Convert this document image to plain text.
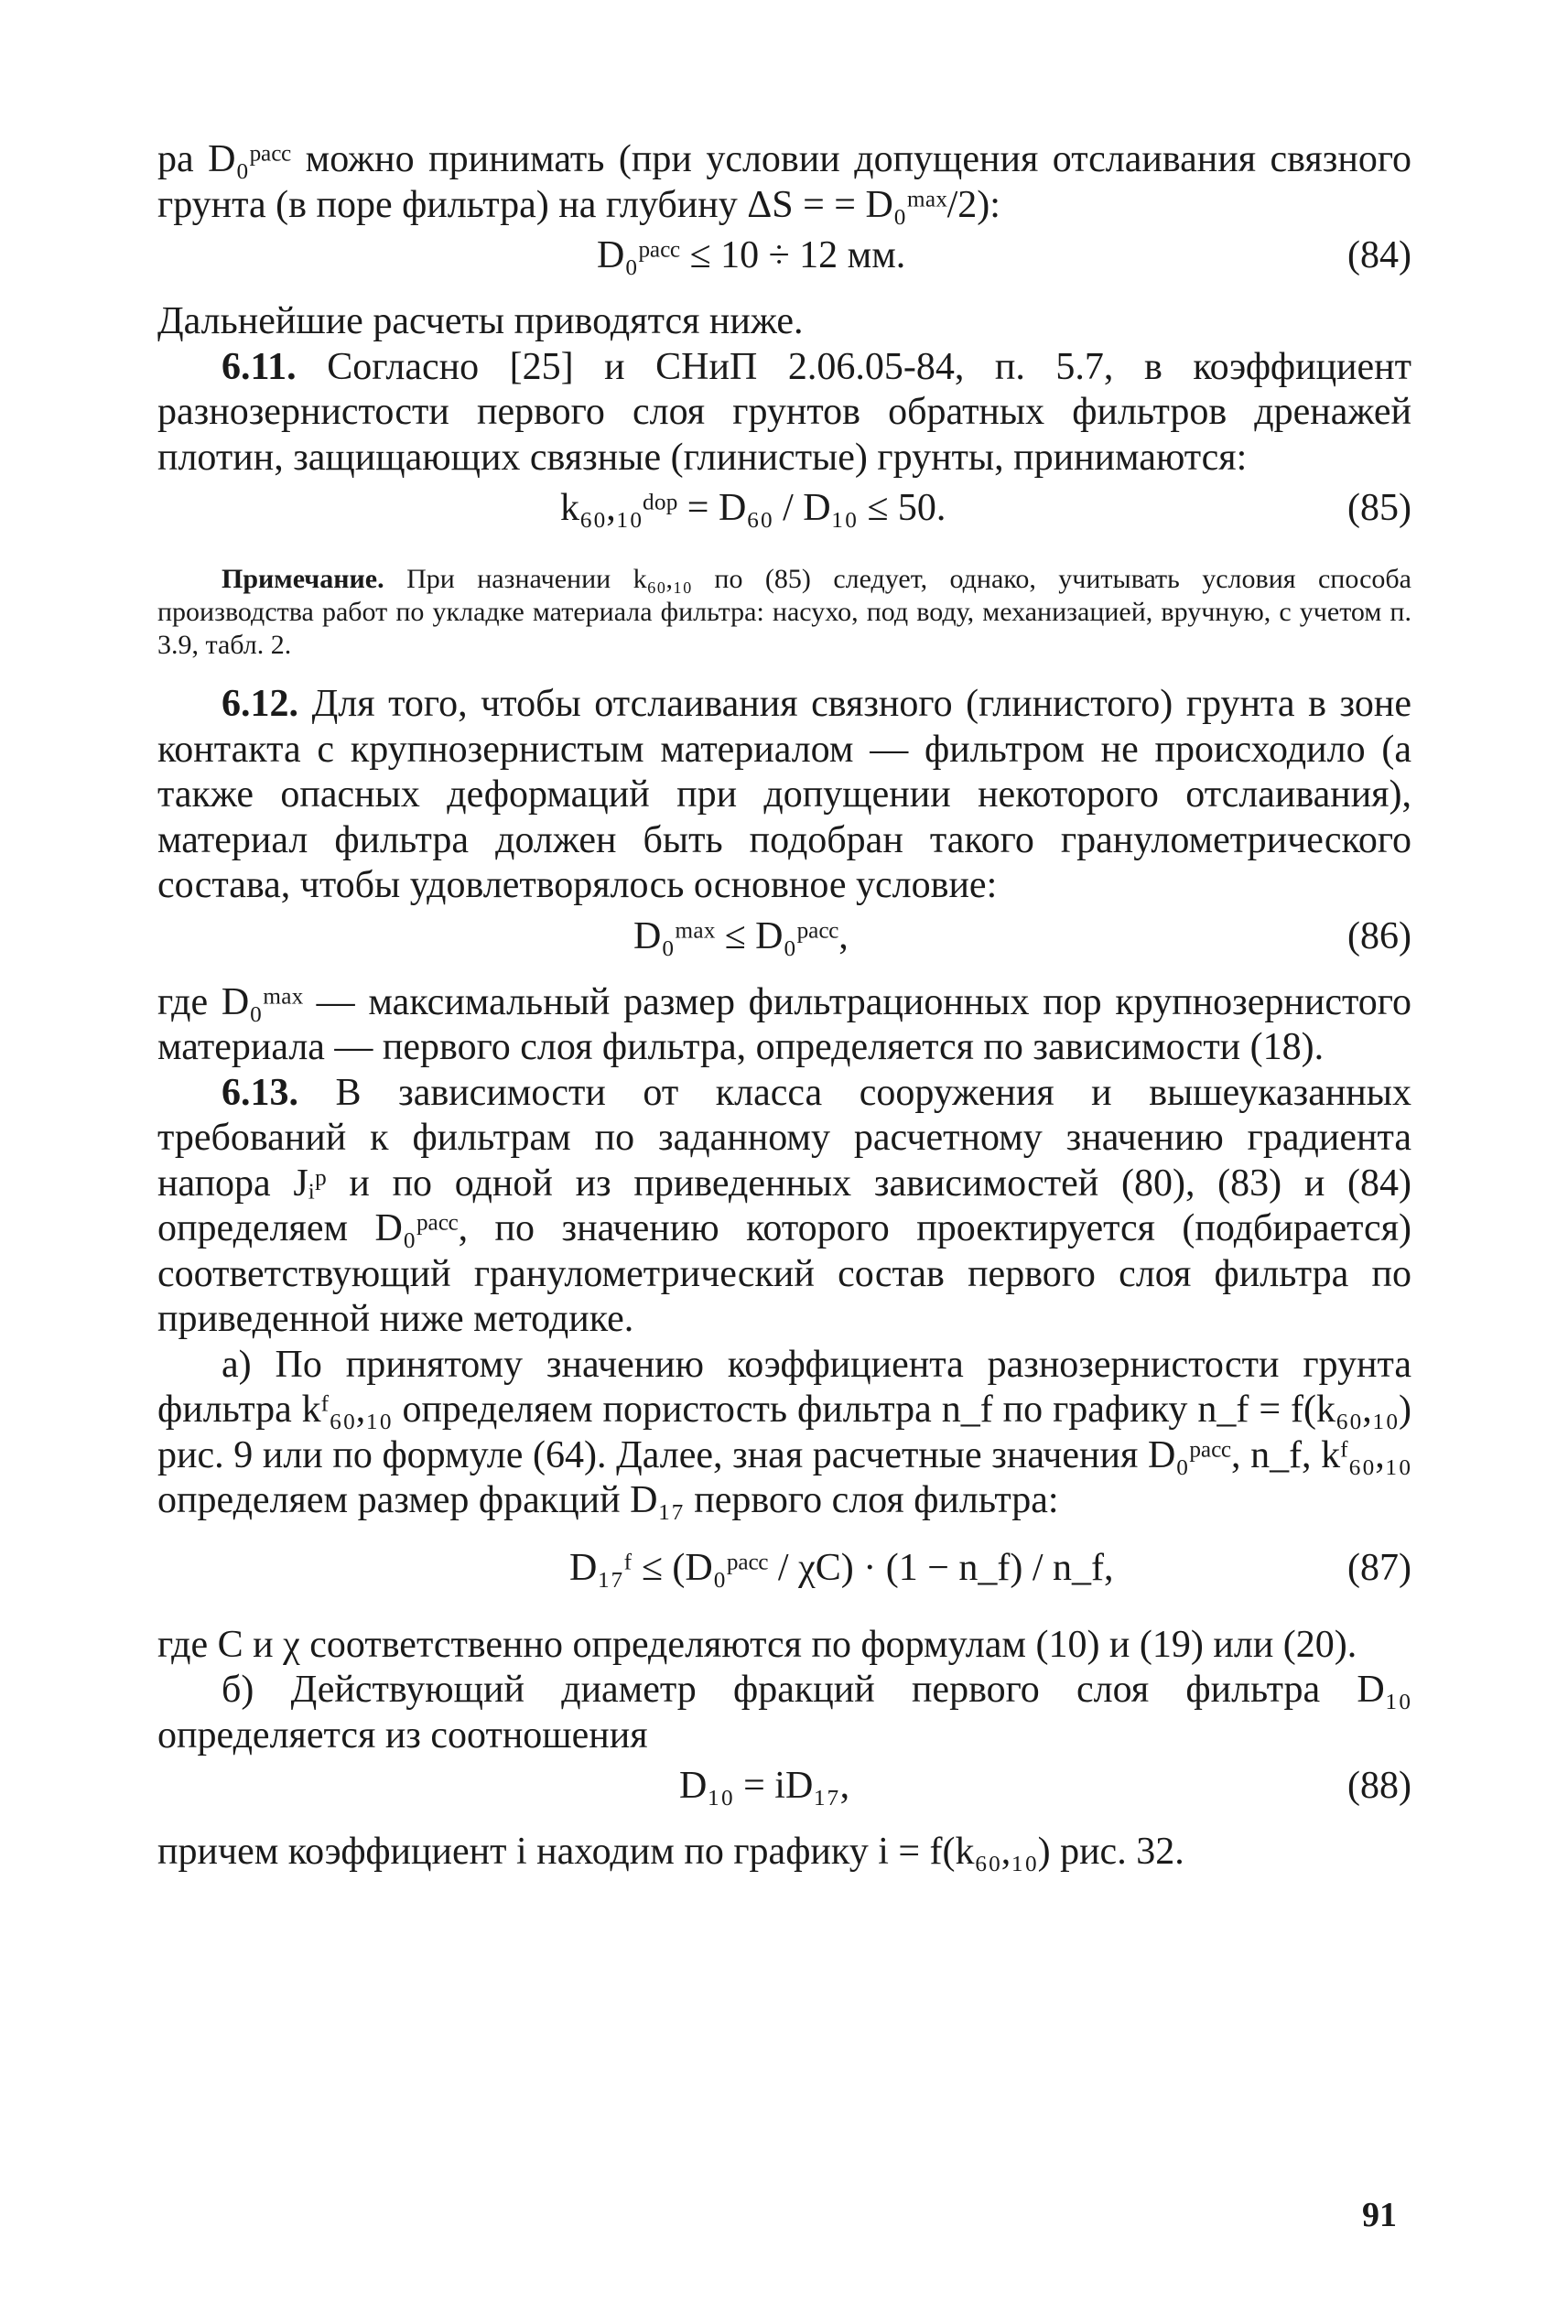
ра D₀ᵖᵃᶜᶜ можно принимать (при условии допущения отслаивания связного грунта (в поре фильтра) на глубину ΔS = = D₀ᵐᵃˣ/2):

D₀ᵖᵃᶜᶜ ≤ 10 ÷ 12 мм.	(84)

Дальнейшие расчеты приводятся ниже.

6.11. Согласно [25] и СНиП 2.06.05-84, п. 5.7, в коэффициент разнозернистости первого слоя грунтов обратных фильтров дренажей плотин, защищающих связные (глинистые) грунты, принимаются:

k₆₀,₁₀ᵈᵒᵖ = D₆₀ / D₁₀ ≤ 50.	(85)

Примечание. При назначении k₆₀,₁₀ по (85) следует, однако, учитывать условия способа производства работ по укладке материала фильтра: насухо, под воду, механизацией, вручную, с учетом п. 3.9, табл. 2.

6.12. Для того, чтобы отслаивания связного (глинистого) грунта в зоне контакта с крупнозернистым материалом — фильтром не происходило (а также опасных деформаций при допущении некоторого отслаивания), материал фильтра должен быть подобран такого гранулометрического состава, чтобы удовлетворялось основное условие:

D₀ᵐᵃˣ ≤ D₀ᵖᵃᶜᶜ,	(86)

где D₀ᵐᵃˣ — максимальный размер фильтрационных пор крупнозернистого материала — первого слоя фильтра, определяется по зависимости (18).

6.13. В зависимости от класса сооружения и вышеуказанных требований к фильтрам по заданному расчетному значению градиента напора Jᵢᵖ и по одной из приведенных зависимостей (80), (83) и (84) определяем D₀ᵖᵃᶜᶜ, по значению которого проектируется (подбирается) соответствующий гранулометрический состав первого слоя фильтра по приведенной ниже методике.

а) По принятому значению коэффициента разнозернистости грунта фильтра kᶠ₆₀,₁₀ определяем пористость фильтра n_f по графику n_f = f(k₆₀,₁₀) рис. 9 или по формуле (64). Далее, зная расчетные значения D₀ᵖᵃᶜᶜ, n_f, kᶠ₆₀,₁₀ определяем размер фракций D₁₇ первого слоя фильтра:

D₁₇ᶠ ≤ (D₀ᵖᵃᶜᶜ / χC) · (1 − n_f) / n_f,	(87)

где C и χ соответственно определяются по формулам (10) и (19) или (20).

б) Действующий диаметр фракций первого слоя фильтра D₁₀ определяется из соотношения

D₁₀ = iD₁₇,	(88)

причем коэффициент i находим по графику i = f(k₆₀,₁₀) рис. 32.

91
